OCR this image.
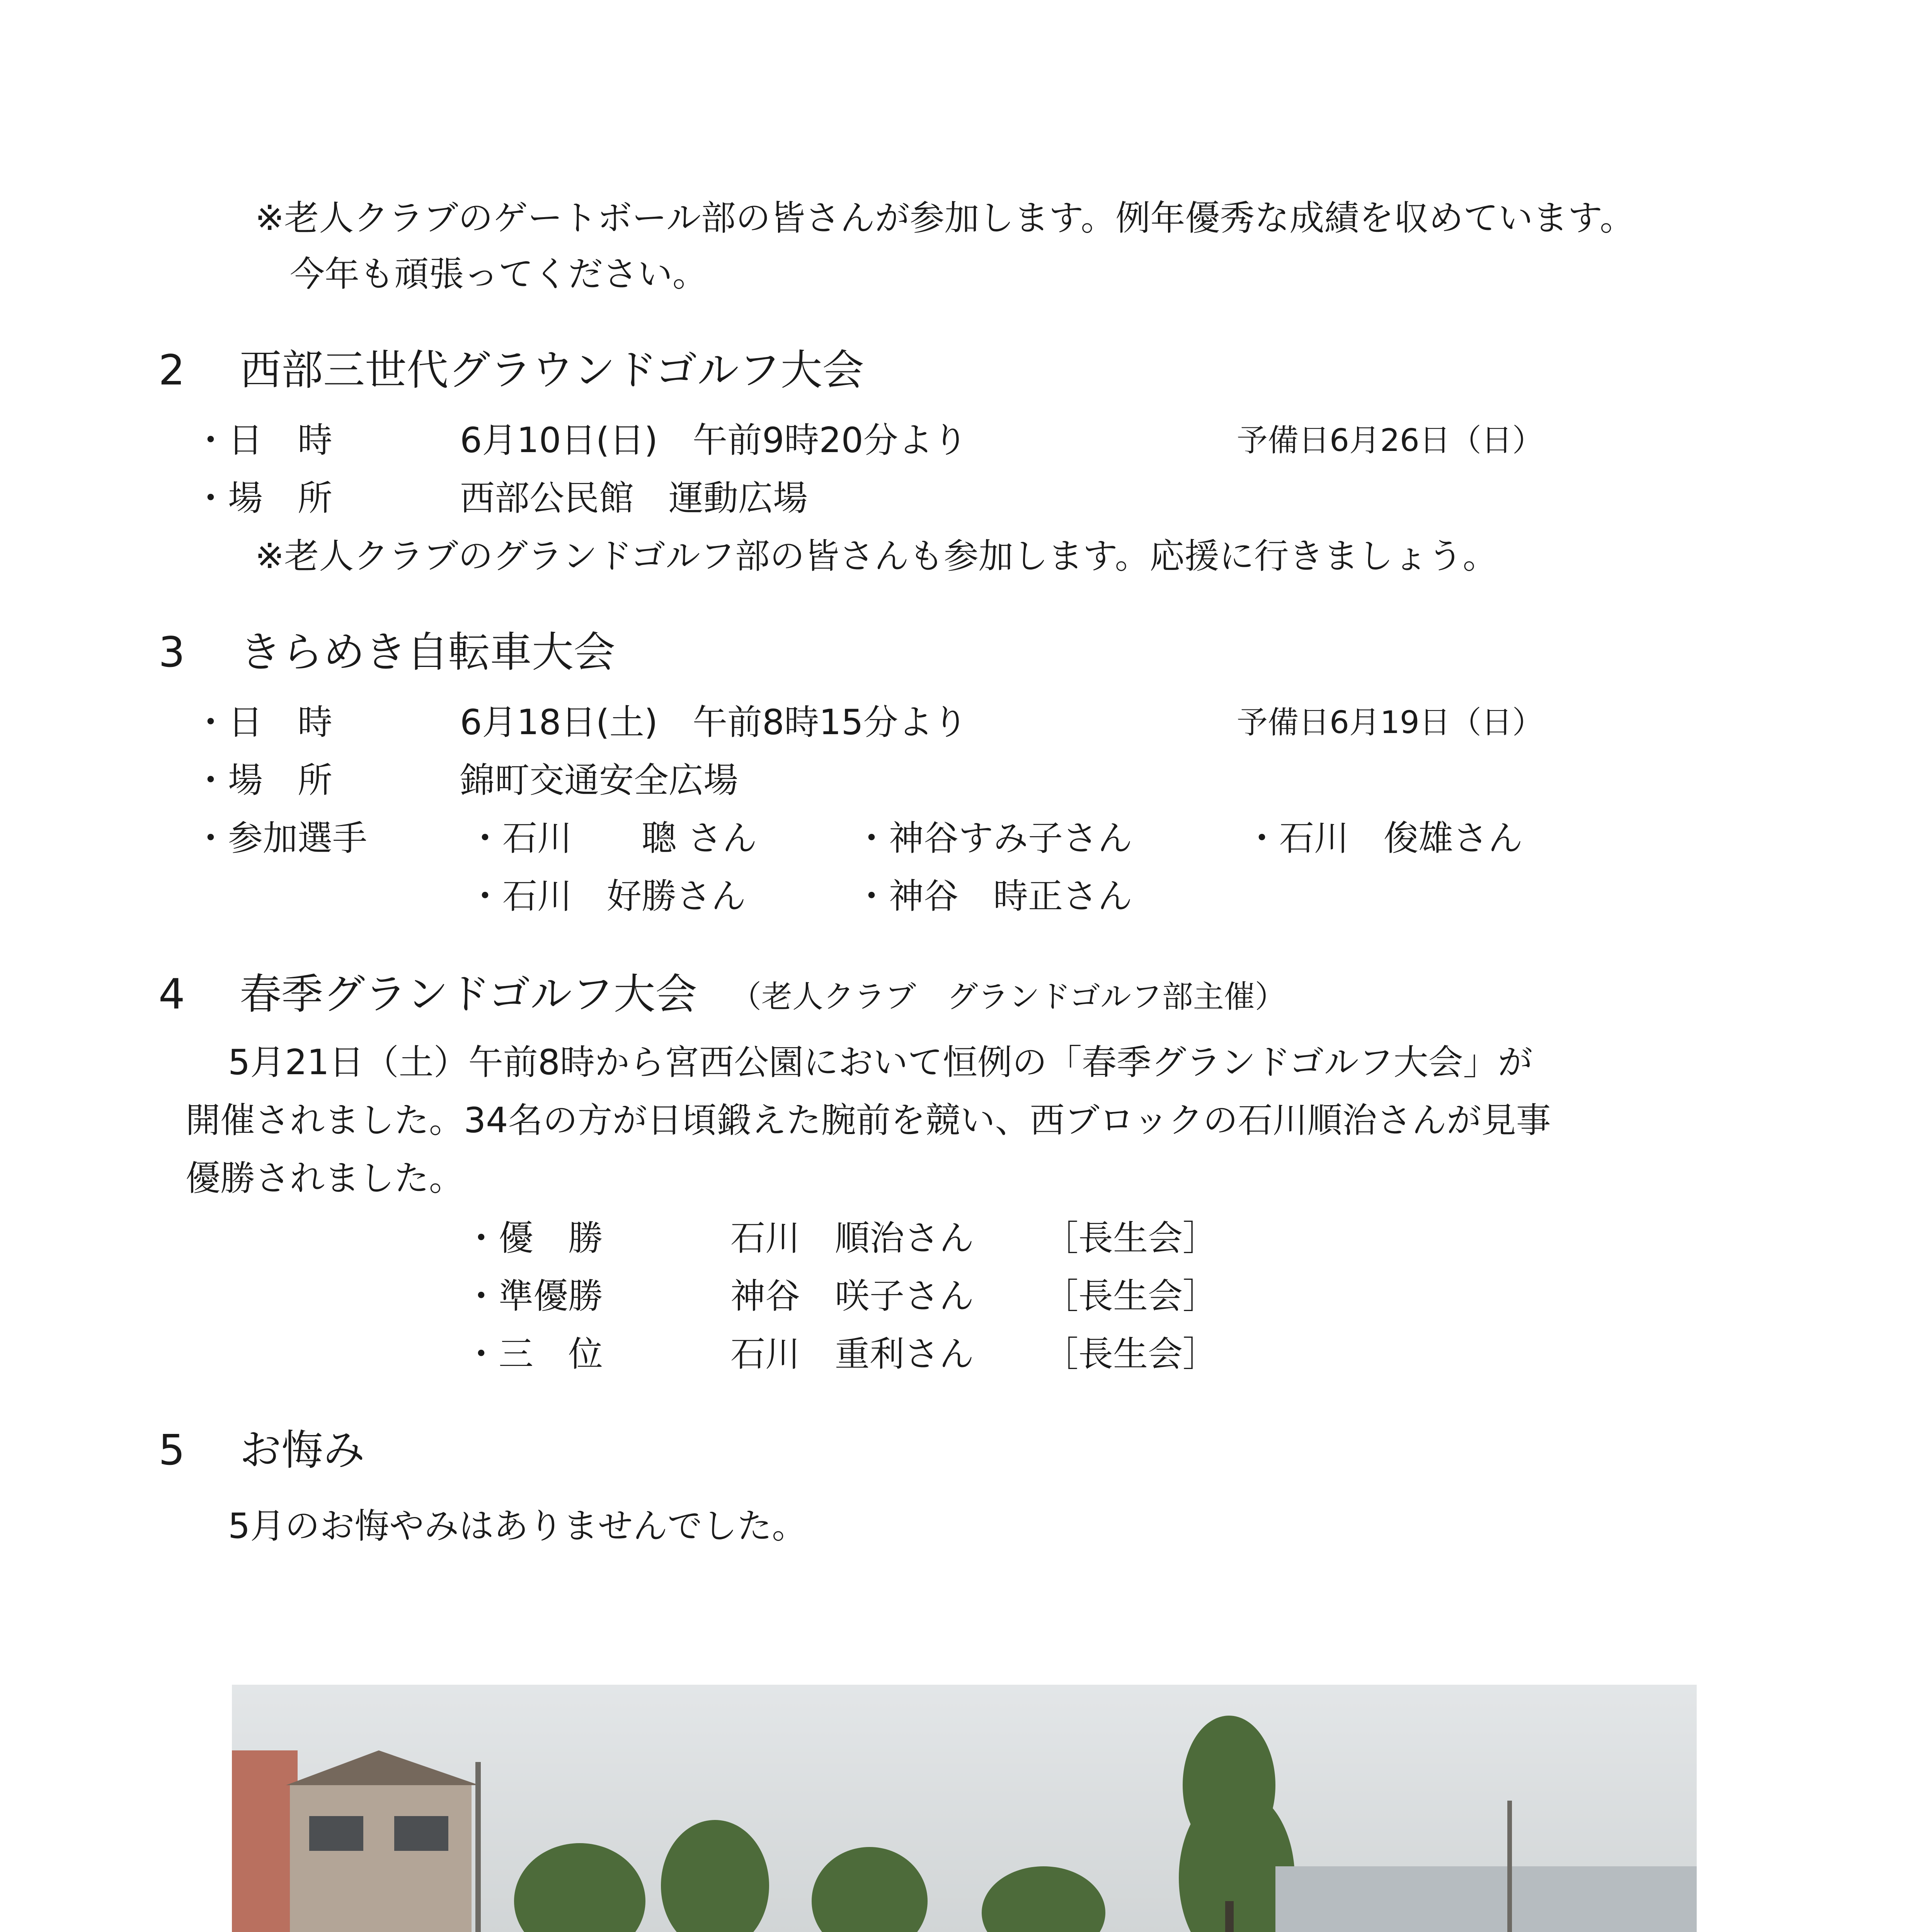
※老人クラブのゲートボール部の皆さんが参加します。例年優秀な成績を収めています。
今年も頑張ってください。
2 西部三世代グラウンドゴルフ大会
・日　時	6月10日(日)　午前9時20分より	予備日6月26日（日）
・場　所	西部公民館　運動広場
※老人クラブのグランドゴルフ部の皆さんも参加します。応援に行きましょう。
3 きらめき自転車大会
・日　時	6月18日(土)　午前8時15分より	予備日6月19日（日）
・場　所	錦町交通安全広場
・参加選手	・石川　　聰 さん	・神谷すみ子さん	・石川　俊雄さん
・石川　好勝さん	・神谷　時正さん
4 春季グランドゴルフ大会 （老人クラブ　グランドゴルフ部主催）
5月21日（土）午前8時から宮西公園において恒例の「春季グランドゴルフ大会」が
開催されました。34名の方が日頃鍛えた腕前を競い、西ブロックの石川順治さんが見事
優勝されました。
・優　勝	石川　順治さん ［長生会］
・準優勝	神谷　咲子さん ［長生会］
・三　位	石川　重利さん ［長生会］
5 お悔み
5月のお悔やみはありませんでした。
